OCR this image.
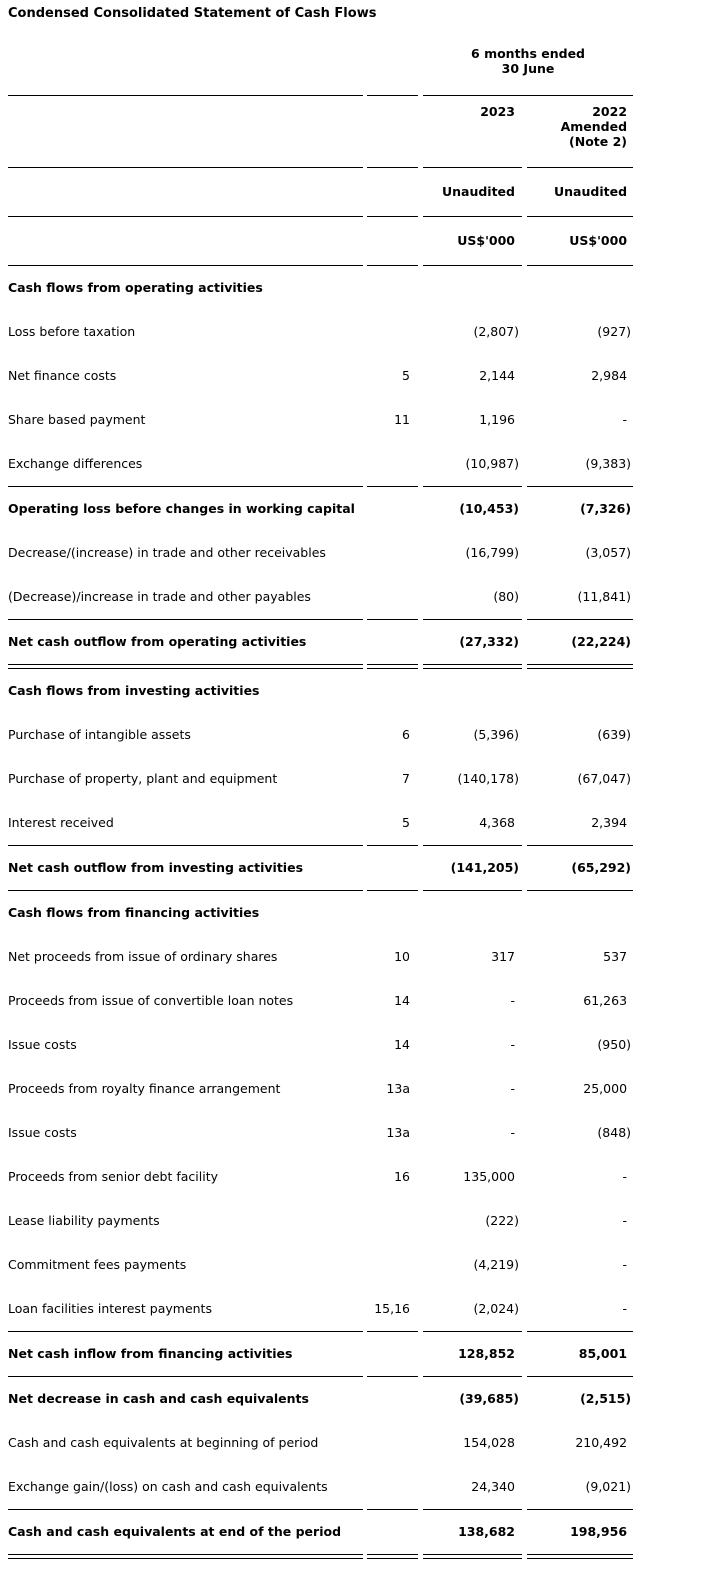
Condensed Consolidated Statement of Cash Flows

				6 months ended
30 June		

				2023		2022
Amended
(Note 2)

				Unaudited		Unaudited

				US$'000		US$'000

Cash flows from operating activities						
Loss before taxation				(2,807)		(927)
Net finance costs		5		2,144		2,984
Share based payment		11		1,196		-
Exchange differences				(10,987)		(9,383)

Operating loss before changes in working capital				(10,453)		(7,326)
Decrease/(increase) in trade and other receivables				(16,799)		(3,057)
(Decrease)/increase in trade and other payables				(80)		(11,841)

Net cash outflow from operating activities				(27,332)		(22,224)

Cash flows from investing activities						
Purchase of intangible assets		6		(5,396)		(639)
Purchase of property, plant and equipment		7		(140,178)		(67,047)
Interest received		5		4,368		2,394

Net cash outflow from investing activities				(141,205)		(65,292)

Cash flows from financing activities						
Net proceeds from issue of ordinary shares		10		317		537
Proceeds from issue of convertible loan notes		14		-		61,263
Issue costs		14		-		(950)
Proceeds from royalty finance arrangement		13a		-		25,000
Issue costs		13a		-		(848)
Proceeds from senior debt facility		16		135,000		-
Lease liability payments				(222)		-
Commitment fees payments				(4,219)		-
Loan facilities interest payments		15,16		(2,024)		-

Net cash inflow from financing activities				128,852		85,001

Net decrease in cash and cash equivalents				(39,685)		(2,515)
Cash and cash equivalents at beginning of period				154,028		210,492
Exchange gain/(loss) on cash and cash equivalents				24,340		(9,021)

Cash and cash equivalents at end of the period				138,682		198,956
